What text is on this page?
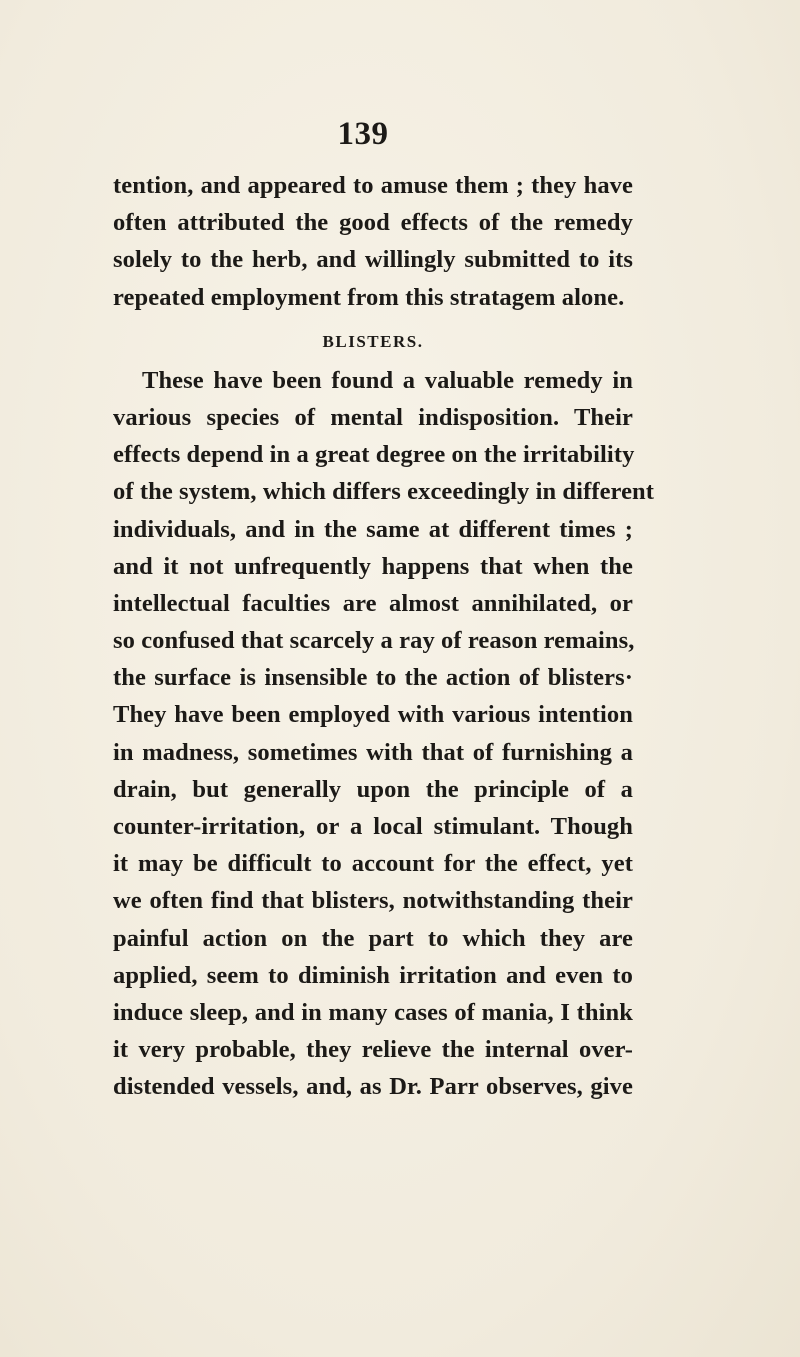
139
tention, and appeared to amuse them ; they have
often attributed the good effects of the remedy
solely to the herb, and willingly submitted to its
repeated employment from this stratagem alone.
BLISTERS.
These have been found a valuable remedy in
various species of mental indisposition. Their
effects depend in a great degree on the irritability
of the system, which differs exceedingly in different
individuals, and in the same at different times ;
and it not unfrequently happens that when the
intellectual faculties are almost annihilated, or
so confused that scarcely a ray of reason remains,
the surface is insensible to the action of blisters·
They have been employed with various intention
in madness, sometimes with that of furnishing a
drain, but generally upon the principle of a
counter-irritation, or a local stimulant. Though
it may be difficult to account for the effect, yet
we often find that blisters, notwithstanding their
painful action on the part to which they are
applied, seem to diminish irritation and even to
induce sleep, and in many cases of mania, I think
it very probable, they relieve the internal over-
distended vessels, and, as Dr. Parr observes, give
